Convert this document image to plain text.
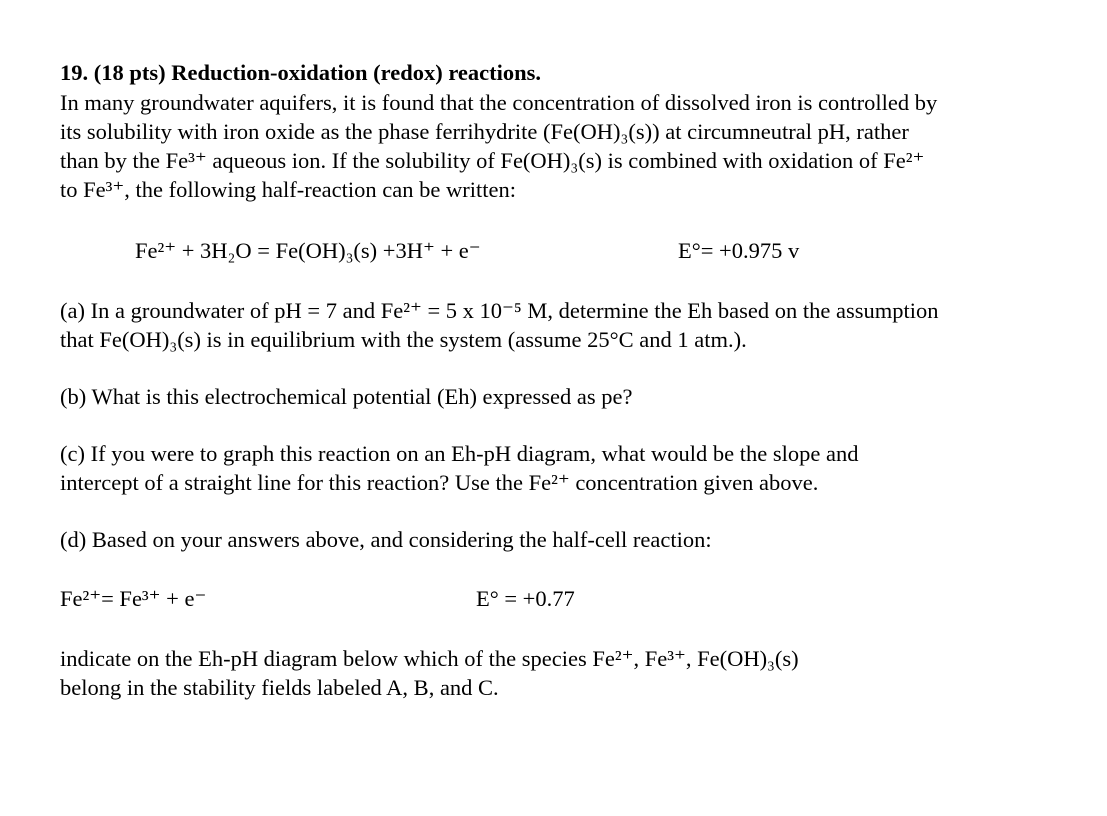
19. (18 pts) Reduction-oxidation (redox) reactions.
In many groundwater aquifers, it is found that the concentration of dissolved iron is controlled by
its solubility with iron oxide as the phase ferrihydrite (Fe(OH)₃(s)) at circumneutral pH, rather
than by the Fe³⁺ aqueous ion. If the solubility of Fe(OH)₃(s) is combined with oxidation of Fe²⁺
to Fe³⁺, the following half-reaction can be written:
Fe²⁺ + 3H₂O = Fe(OH)₃(s) +3H⁺ + e⁻	E°= +0.975 v
(a) In a groundwater of pH = 7 and Fe²⁺ = 5 x 10⁻⁵ M, determine the Eh based on the assumption
that Fe(OH)₃(s) is in equilibrium with the system (assume 25°C and 1 atm.).
(b) What is this electrochemical potential (Eh) expressed as pe?
(c) If you were to graph this reaction on an Eh-pH diagram, what would be the slope and
intercept of a straight line for this reaction? Use the Fe²⁺ concentration given above.
(d) Based on your answers above, and considering the half-cell reaction:
Fe²⁺= Fe³⁺ + e⁻	E° = +0.77
indicate on the Eh-pH diagram below which of the species Fe²⁺, Fe³⁺, Fe(OH)₃(s)
belong in the stability fields labeled A, B, and C.
